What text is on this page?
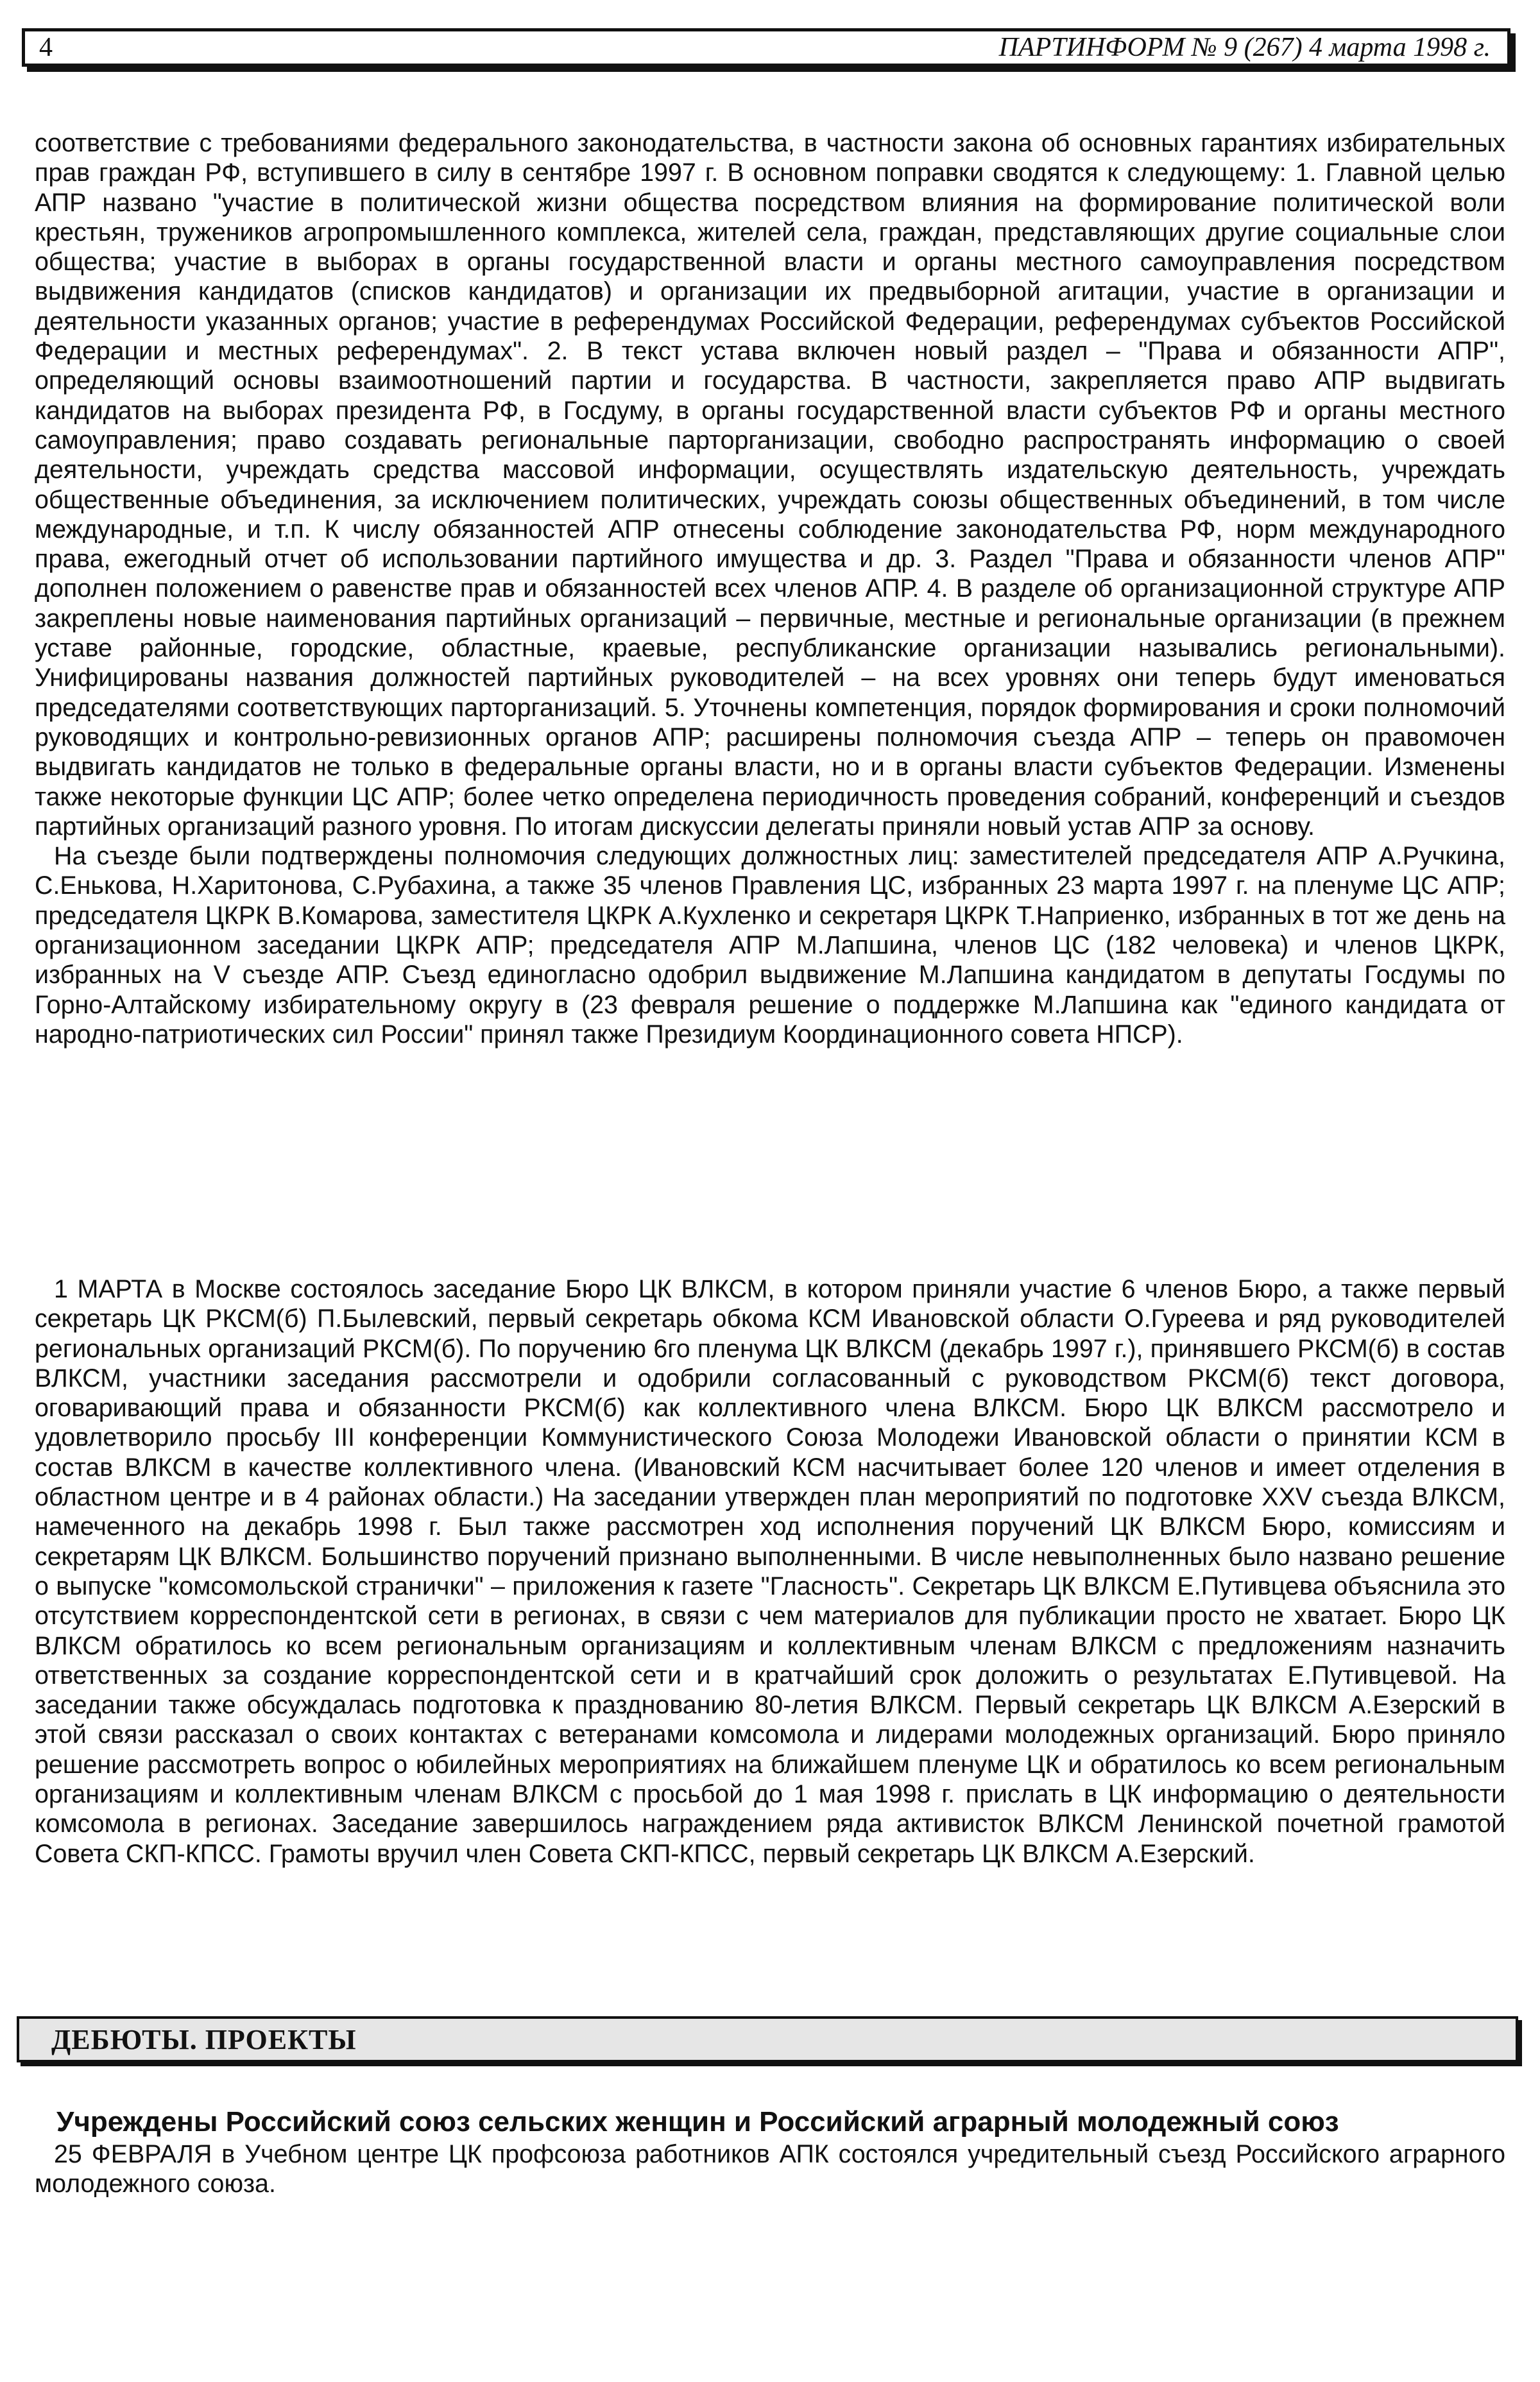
4	ПАРТИНФОРМ № 9 (267) 4 марта 1998 г.

соответствие с требованиями федерального законодательства, в частности закона об основных гарантиях избирательных прав граждан РФ, вступившего в силу в сентябре 1997 г. В основном поправки сводятся к следующему: 1. Главной целью АПР названо "участие в политической жизни общества посредством влияния на формирование политической воли крестьян, тружеников агропромышленного комплекса, жителей села, граждан, представляющих другие социальные слои общества; участие в выборах в органы государственной власти и органы местного самоуправления посредством выдвижения кандидатов (списков кандидатов) и организации их предвыборной агитации, участие в организации и деятельности указанных органов; участие в референдумах Российской Федерации, референдумах субъектов Российской Федерации и местных референдумах". 2. В текст устава включен новый раздел – "Права и обязанности АПР", определяющий основы взаимоотношений партии и государства. В частности, закрепляется право АПР выдвигать кандидатов на выборах президента РФ, в Госдуму, в органы государственной власти субъектов РФ и органы местного самоуправления; право создавать региональные парторганизации, свободно распространять информацию о своей деятельности, учреждать средства массовой информации, осуществлять издательскую деятельность, учреждать общественные объединения, за исключением политических, учреждать союзы общественных объединений, в том числе международные, и т.п. К числу обязанностей АПР отнесены соблюдение законодательства РФ, норм международного права, ежегодный отчет об использовании партийного имущества и др. 3. Раздел "Права и обязанности членов АПР" дополнен положением о равенстве прав и обязанностей всех членов АПР. 4. В разделе об организационной структуре АПР закреплены новые наименования партийных организаций – первичные, местные и региональные организации (в прежнем уставе районные, городские, областные, краевые, республиканские организации назывались региональными). Унифицированы названия должностей партийных руководителей – на всех уровнях они теперь будут именоваться председателями соответствующих парторганизаций. 5. Уточнены компетенция, порядок формирования и сроки полномочий руководящих и контрольно-ревизионных органов АПР; расширены полномочия съезда АПР – теперь он правомочен выдвигать кандидатов не только в федеральные органы власти, но и в органы власти субъектов Федерации. Изменены также некоторые функции ЦС АПР; более четко определена периодичность проведения собраний, конференций и съездов партийных организаций разного уровня. По итогам дискуссии делегаты приняли новый устав АПР за основу.

На съезде были подтверждены полномочия следующих должностных лиц: заместителей председателя АПР А.Ручкина, С.Енькова, Н.Харитонова, С.Рубахина, а также 35 членов Правления ЦС, избранных 23 марта 1997 г. на пленуме ЦС АПР; председателя ЦКРК В.Комарова, заместителя ЦКРК А.Кухленко и секретаря ЦКРК Т.Наприенко, избранных в тот же день на организационном заседании ЦКРК АПР; председателя АПР М.Лапшина, членов ЦС (182 человека) и членов ЦКРК, избранных на V съезде АПР. Съезд единогласно одобрил выдвижение М.Лапшина кандидатом в депутаты Госдумы по Горно-Алтайскому избирательному округу в (23 февраля решение о поддержке М.Лапшина как "единого кандидата от народно-патриотических сил России" принял также Президиум Координационного совета НПСР).

1 МАРТА в Москве состоялось заседание Бюро ЦК ВЛКСМ, в котором приняли участие 6 членов Бюро, а также первый секретарь ЦК РКСМ(б) П.Былевский, первый секретарь обкома КСМ Ивановской области О.Гуреева и ряд руководителей региональных организаций РКСМ(б). По поручению 6го пленума ЦК ВЛКСМ (декабрь 1997 г.), принявшего РКСМ(б) в состав ВЛКСМ, участники заседания рассмотрели и одобрили согласованный с руководством РКСМ(б) текст договора, оговаривающий права и обязанности РКСМ(б) как коллективного члена ВЛКСМ. Бюро ЦК ВЛКСМ рассмотрело и удовлетворило просьбу III конференции Коммунистического Союза Молодежи Ивановской области о принятии КСМ в состав ВЛКСМ в качестве коллективного члена. (Ивановский КСМ насчитывает более 120 членов и имеет отделения в областном центре и в 4 районах области.) На заседании утвержден план мероприятий по подготовке XXV съезда ВЛКСМ, намеченного на декабрь 1998 г. Был также рассмотрен ход исполнения поручений ЦК ВЛКСМ Бюро, комиссиям и секретарям ЦК ВЛКСМ. Большинство поручений признано выполненными. В числе невыполненных было названо решение о выпуске "комсомольской странички" – приложения к газете "Гласность". Секретарь ЦК ВЛКСМ Е.Путивцева объяснила это отсутствием корреспондентской сети в регионах, в связи с чем материалов для публикации просто не хватает. Бюро ЦК ВЛКСМ обратилось ко всем региональным организациям и коллективным членам ВЛКСМ с предложениям назначить ответственных за создание корреспондентской сети и в кратчайший срок доложить о результатах Е.Путивцевой. На заседании также обсуждалась подготовка к празднованию 80-летия ВЛКСМ. Первый секретарь ЦК ВЛКСМ А.Езерский в этой связи рассказал о своих контактах с ветеранами комсомола и лидерами молодежных организаций. Бюро приняло решение рассмотреть вопрос о юбилейных мероприятиях на ближайшем пленуме ЦК и обратилось ко всем региональным организациям и коллективным членам ВЛКСМ с просьбой до 1 мая 1998 г. прислать в ЦК информацию о деятельности комсомола в регионах. Заседание завершилось награждением ряда активисток ВЛКСМ Ленинской почетной грамотой Совета СКП-КПСС. Грамоты вручил член Совета СКП-КПСС, первый секретарь ЦК ВЛКСМ А.Езерский.

ДЕБЮТЫ. ПРОЕКТЫ
Учреждены Российский союз сельских женщин и Российский аграрный молодежный союз

25 ФЕВРАЛЯ в Учебном центре ЦК профсоюза работников АПК состоялся учредительный съезд Российского аграрного молодежного союза.
